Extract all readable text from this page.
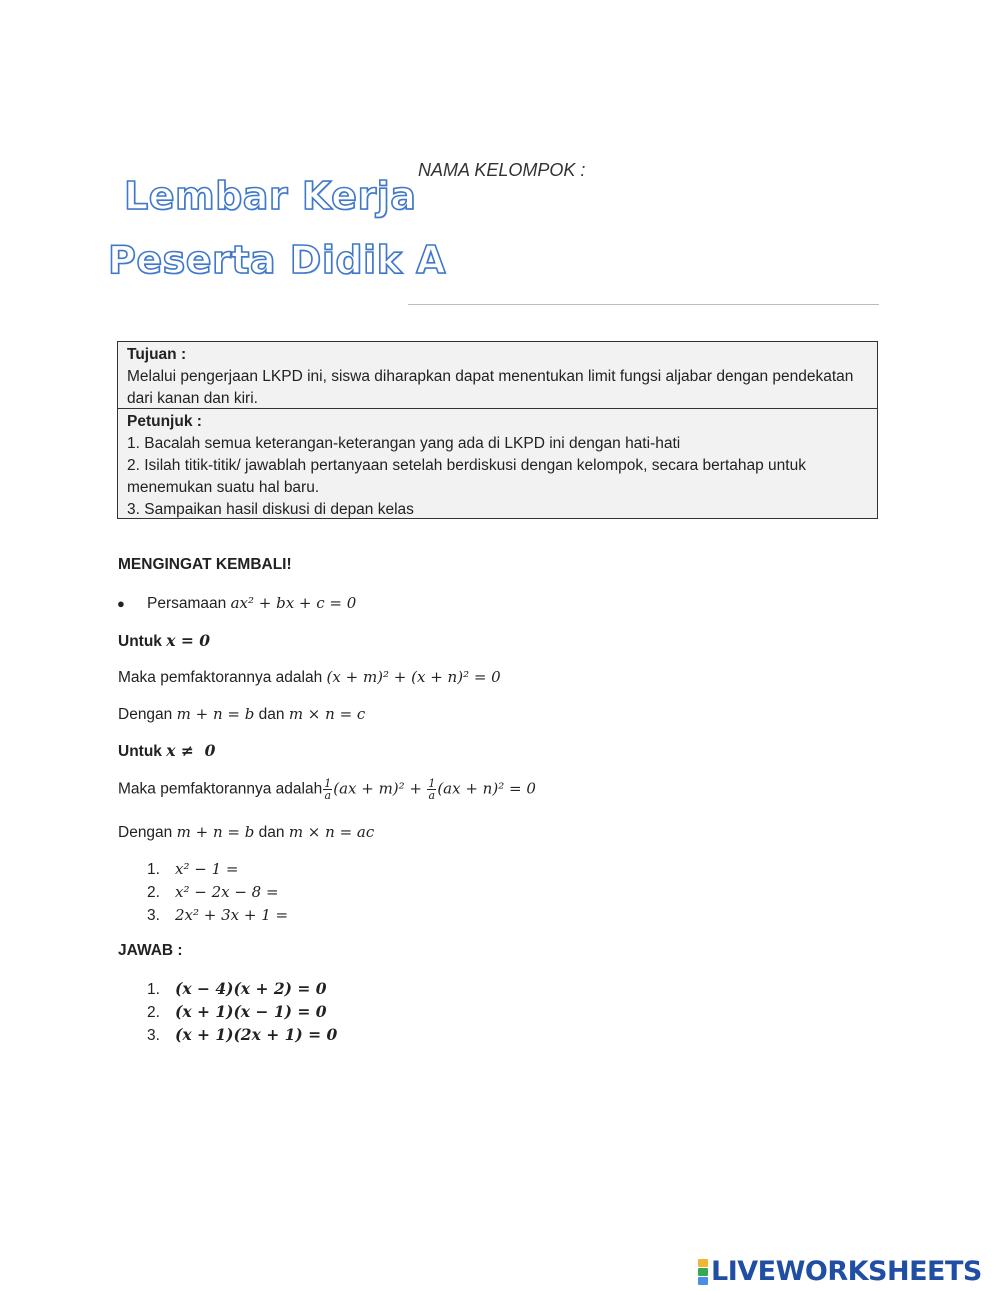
Lembar Kerja
Peserta Didik A
NAMA KELOMPOK :
Tujuan :
Melalui pengerjaan LKPD ini, siswa diharapkan dapat menentukan limit fungsi aljabar dengan pendekatan dari kanan dan kiri.
Petunjuk :
1. Bacalah semua keterangan-keterangan yang ada di LKPD ini dengan hati-hati
2. Isilah titik-titik/ jawablah pertanyaan setelah berdiskusi dengan kelompok, secara bertahap untuk menemukan suatu hal baru.
3. Sampaikan hasil diskusi di depan kelas
MENGINGAT KEMBALI!
● Persamaan ax² + bx + c = 0
Untuk x = 0
Maka pemfaktorannya adalah (x + m)² + (x + n)² = 0
Dengan m + n = b dan m × n = c
Untuk x ≠  0
Maka pemfaktorannya adalah $\frac{1}{a} (ax + m)^2 + \frac{1}{a} (ax + n)^2 = 0$
Dengan m + n = b dan m × n = ac
1. x² − 1 =
2. x² − 2x − 8 =
3. 2x² + 3x + 1 =
JAWAB :
1. (x − 4)(x + 2) = 0
2. (x + 1)(x − 1) = 0
3. (x + 1)(2x + 1) = 0
LIVEWORKSHEETS
